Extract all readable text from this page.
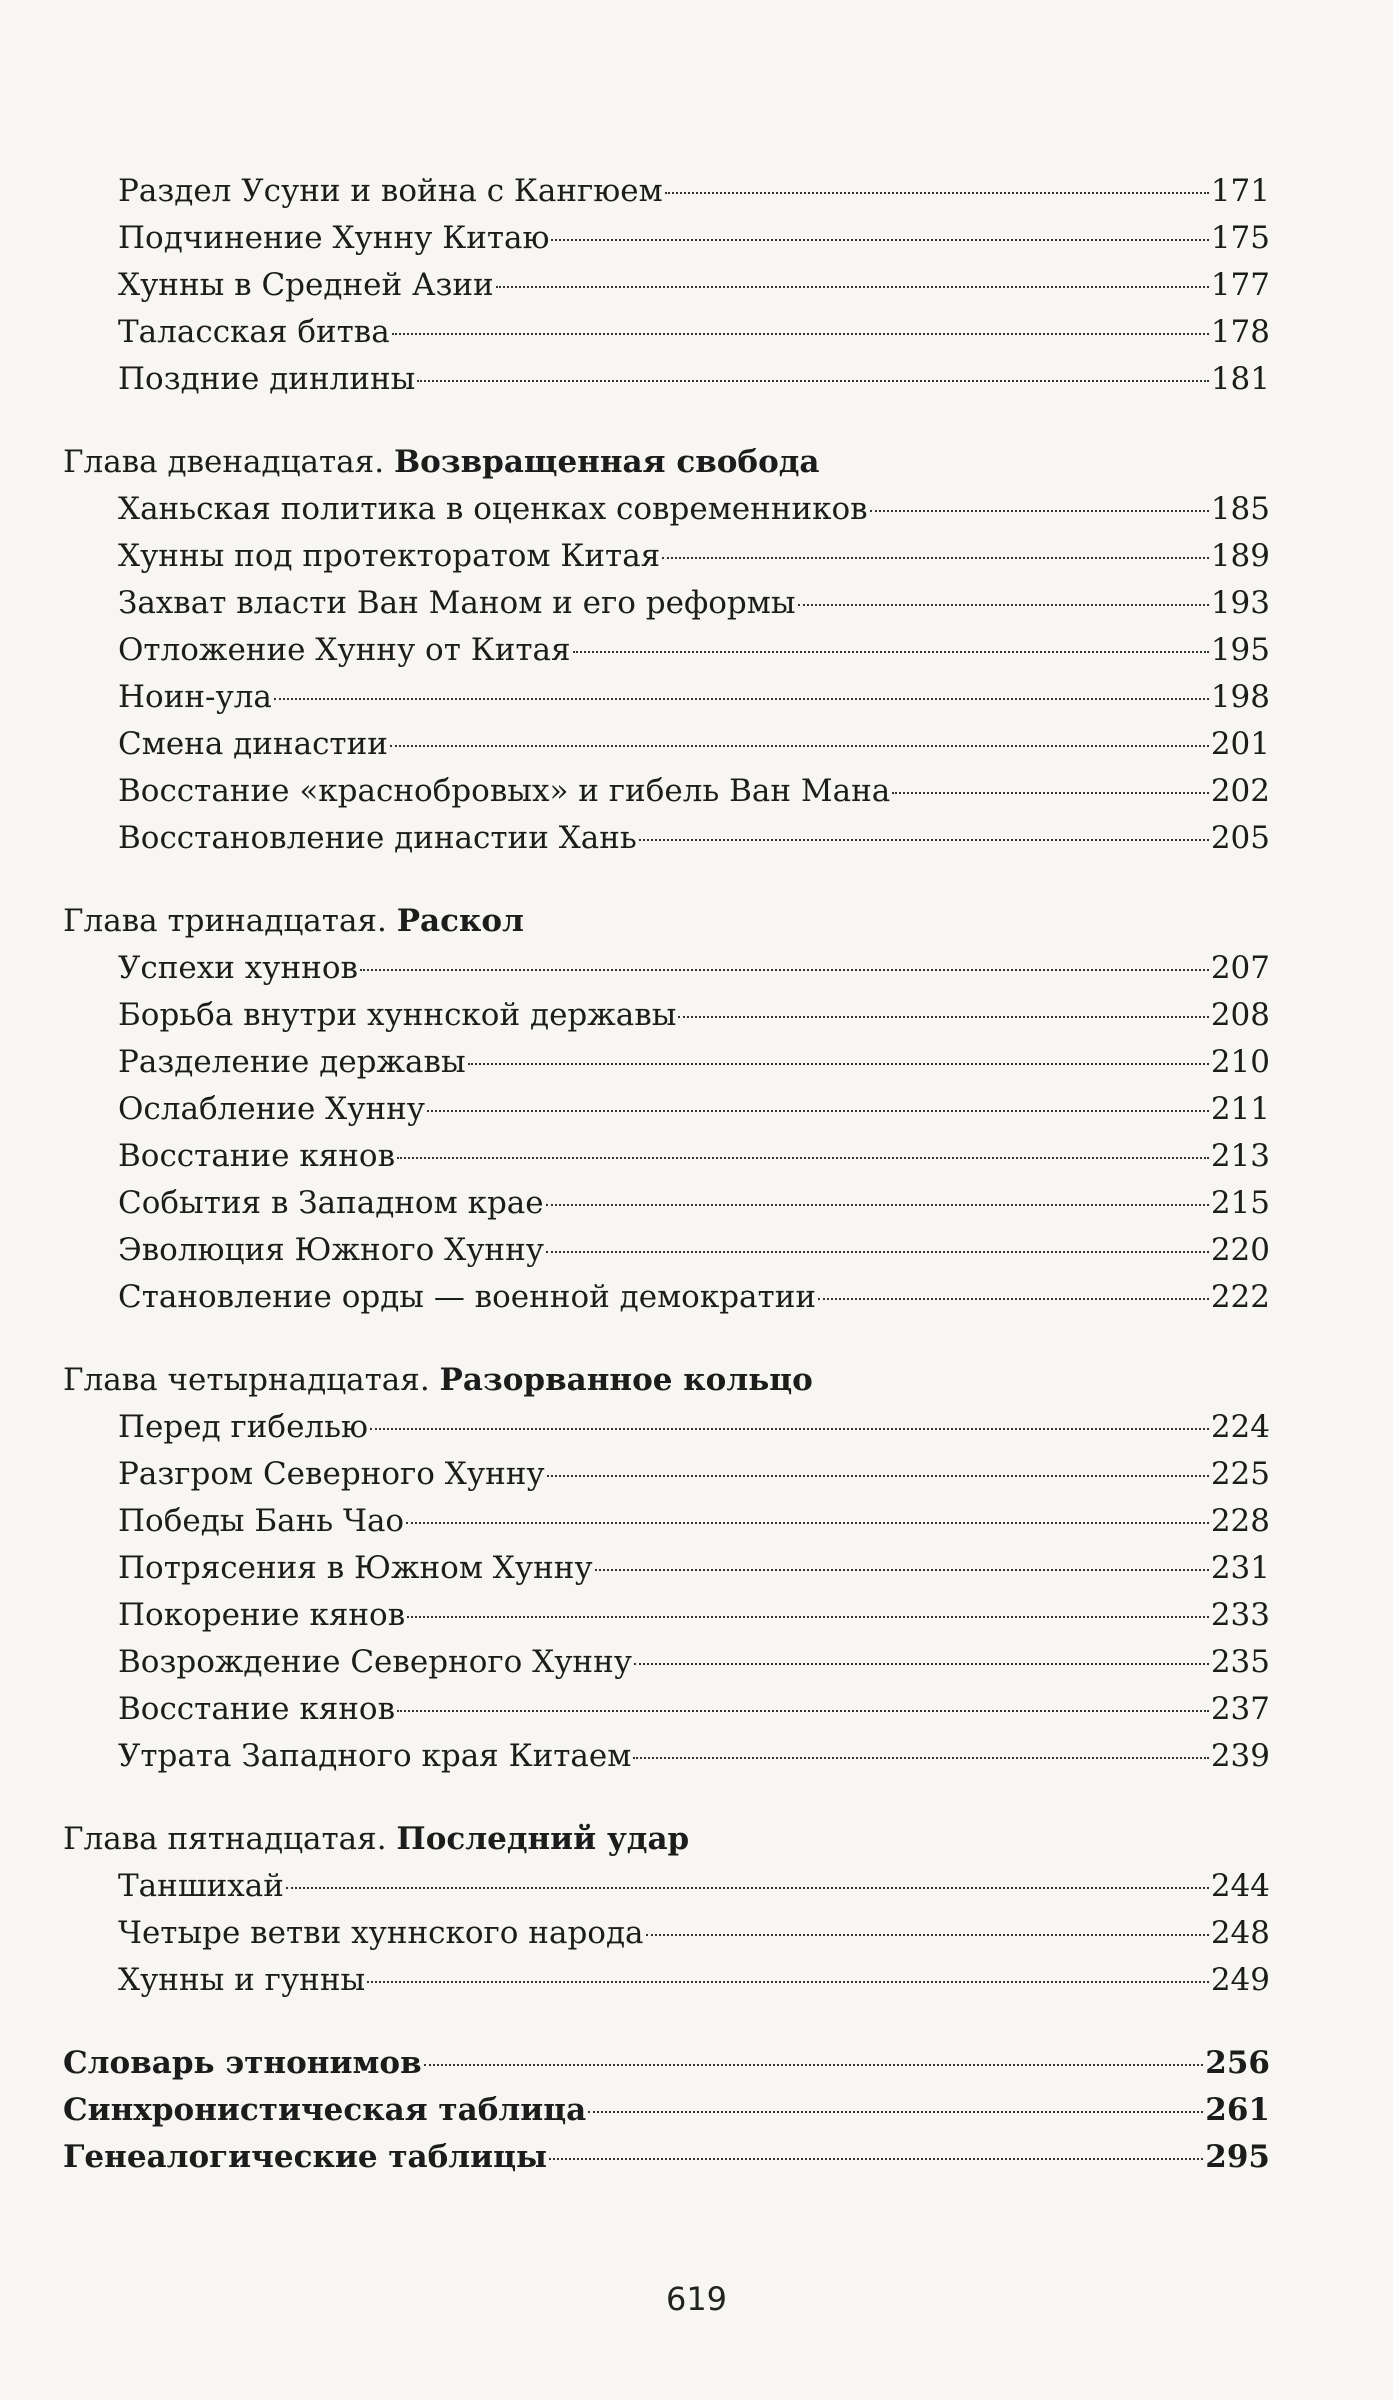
Раздел Усуни и война с Кангюем	171
Подчинение Хунну Китаю	175
Хунны в Средней Азии	177
Таласская битва	178
Поздние динлины	181
Глава двенадцатая. Возвращенная свобода
Ханьская политика в оценках современников	185
Хунны под протекторатом Китая	189
Захват власти Ван Маном и его реформы	193
Отложение Хунну от Китая	195
Ноин-ула	198
Смена династии	201
Восстание «краснобровых» и гибель Ван Мана	202
Восстановление династии Хань	205
Глава тринадцатая. Раскол
Успехи хуннов	207
Борьба внутри хуннской державы	208
Разделение державы	210
Ослабление Хунну	211
Восстание кянов	213
События в Западном крае	215
Эволюция Южного Хунну	220
Становление орды — военной демократии	222
Глава четырнадцатая. Разорванное кольцо
Перед гибелью	224
Разгром Северного Хунну	225
Победы Бань Чао	228
Потрясения в Южном Хунну	231
Покорение кянов	233
Возрождение Северного Хунну	235
Восстание кянов	237
Утрата Западного края Китаем	239
Глава пятнадцатая. Последний удар
Таншихай	244
Четыре ветви хуннского народа	248
Хунны и гунны	249
Словарь этнонимов	256
Синхронистическая таблица	261
Генеалогические таблицы	295
619
